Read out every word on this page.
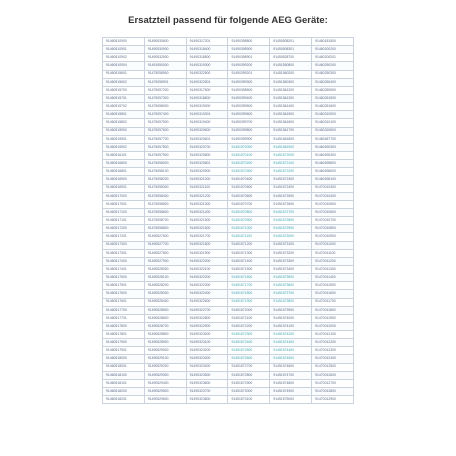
Ersatzteil passend für folgende AEG Geräte:
91460510900	91490530600	91490317201	91490398800	91450508201	91460181500
91460510901	91490530900	91490318400	91490398900	91450508301	91460200200
91460510902	91490532500	91490318500	91490398901	91450528700	91460200201
91460510904	91491550000	91490319300	91490399200	91451550800	91460250200
91460515601	91475058900	91490322500	91490399201	91451560200	91460250300
91460515602	91475058901	91490322501	91490399300	91451560300	91460250400
91460515700	91475057200	91490317600	91490398500	91451561200	91460250500
91460515701	91475057300	91490318600	91490399400	91451561300	91460251500
91460515702	91475058000	91490319000	91490399500	91451561400	91460251600
91460515801	91475057400	91490319301	91490399600	91451561500	91460310000
91460515802	91475057500	91490319400	91490399700	91451561600	91460310100
91460515900	91475057600	91490320600	91490399800	91451561700	91460320600
91460515901	91475057700	91490320601	91490399900	91451561800	91460487700
91460515902	91475057800	91490320700	91451570000	91451561900	91460490300
91460516101	91475057900	91490320800	91451570100	91451572000	91460490400
91460516800	91475058000	91490320801	91451570200	91451572100	91460495800
91460516801	91475058100	91490320900	91451570300	91451572200	91460496000
91460516900	91475058200	91490321000	91451570400	91451572300	91460496100
91460516901	91475058300	91490321100	91451570500	91451572400	91470010300
91460517000	91475058400	91490321200	91451570600	91451572500	91470010400
91460517001	91475058500	91490321300	91451570700	91451572600	91470010500
91460517100	91475058600	91490321400	91451570800	91451572700	91470010600
91460517101	91475058700	91490321500	91451570900	91451572800	91470010700
91460517200	91475058800	91490321600	91451571000	91451572900	91470010800
91460517201	91490527600	91490321700	91451571100	91451573000	91470010900
91460517300	91490527700	91490321800	91451571200	91451573100	91470011000
91460517301	91490527800	91490321900	91451571300	91451573200	91470011100
91460517400	91490527900	91490322000	91451571400	91451573300	91470011200
91460517401	91490528000	91490322100	91451571500	91451573400	91470011300
91460517500	91490528100	91490322200	91451571600	91451573500	91470011400
91460517501	91490528200	91490322300	91451571700	91451573600	91470011500
91460517600	91490528300	91490322400	91451571800	91451573700	91470011600
91460517601	91490528400	91490322600	91451571900	91451573800	91470011700
91460517700	91490528500	91490322700	91451572000	91451573900	91470011800
91460517701	91490528600	91490322800	91451572100	91451574000	91470011900
91460517800	91490528700	91490322900	91451572200	91451574100	91470012000
91460517801	91490528800	91490323000	91451572300	91451574200	91470012100
91460517900	91490528900	91490323100	91451572400	91451574300	91470012200
91460517901	91490529000	91490323200	91451572500	91451574400	91470012300
91460518000	91490529100	91490323300	91451572600	91451574500	91470012400
91460518001	91490529200	91490323400	91451572700	91451574600	91470012500
91460518100	91490529300	91490323500	91451572800	91451574700	91470012600
91460518101	91490529400	91490323600	91451572900	91451574800	91470012700
91460518200	91490529500	91490323700	91451573000	91451574900	91470012800
91460518201	91490529600	91490323800	91451573100	91451575000	91470012900
